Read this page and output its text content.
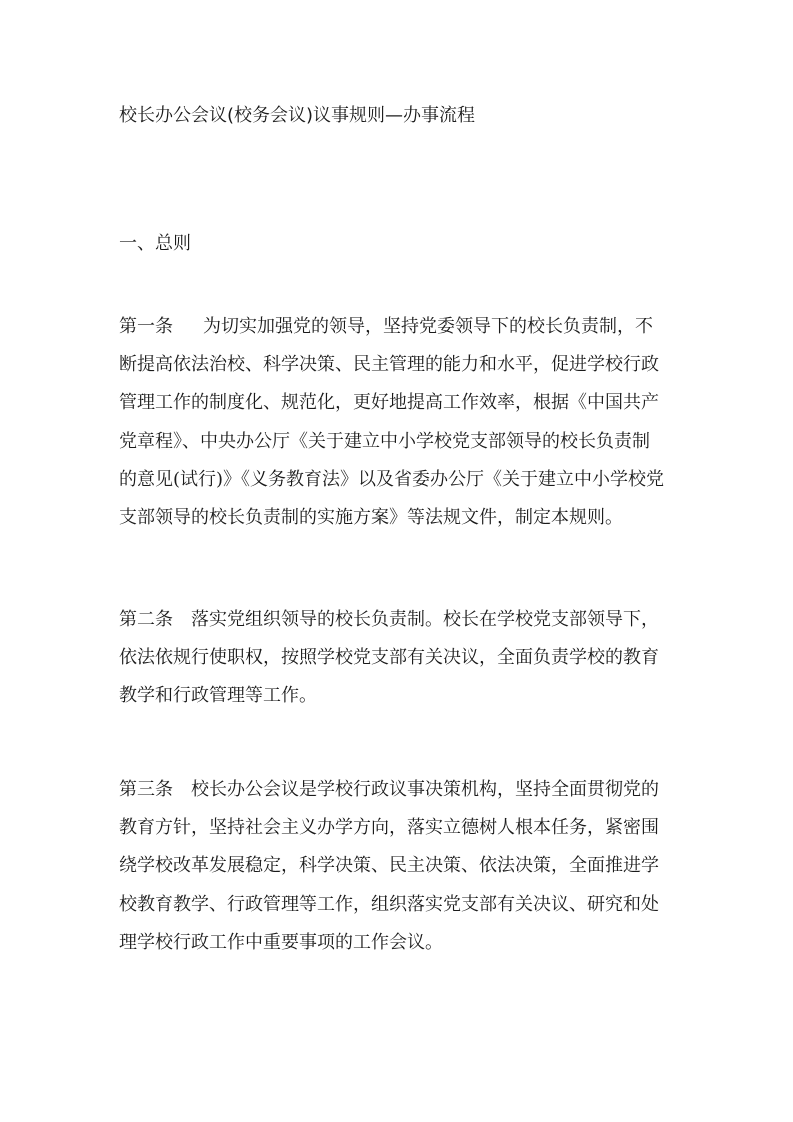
校长办公会议(校务会议)议事规则—办事流程
一、总则
第一条 为切实加强党的领导，坚持党委领导下的校长负责制，不
断提高依法治校、科学决策、民主管理的能力和水平，促进学校行政
管理工作的制度化、规范化，更好地提高工作效率，根据《中国共产
党章程》、中央办公厅《关于建立中小学校党支部领导的校长负责制
的意见(试行)》《义务教育法》以及省委办公厅《关于建立中小学校党
支部领导的校长负责制的实施方案》等法规文件，制定本规则。
第二条 落实党组织领导的校长负责制。校长在学校党支部领导下，
依法依规行使职权，按照学校党支部有关决议，全面负责学校的教育
教学和行政管理等工作。
第三条 校长办公会议是学校行政议事决策机构，坚持全面贯彻党的
教育方针，坚持社会主义办学方向，落实立德树人根本任务，紧密围
绕学校改革发展稳定，科学决策、民主决策、依法决策，全面推进学
校教育教学、行政管理等工作，组织落实党支部有关决议、研究和处
理学校行政工作中重要事项的工作会议。
